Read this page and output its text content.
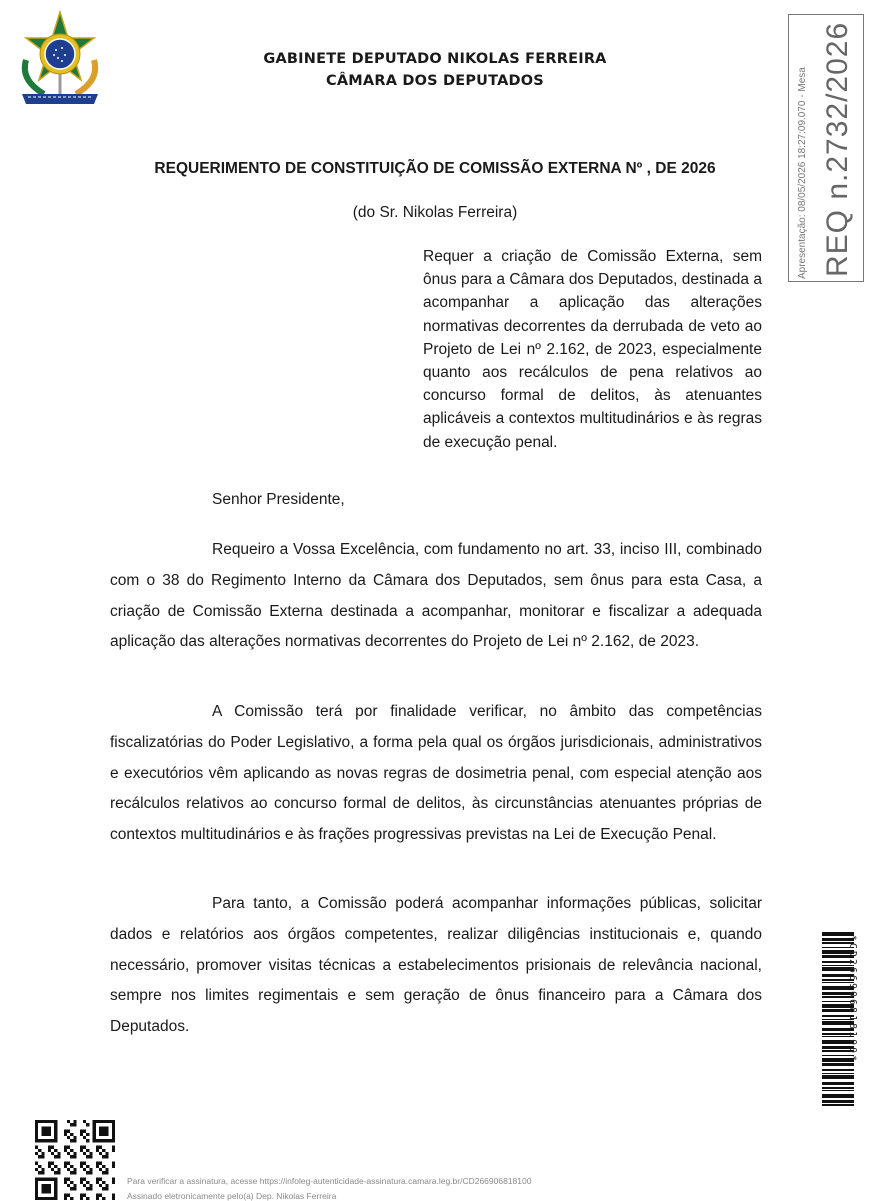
GABINETE DEPUTADO NIKOLAS FERREIRA
CÂMARA DOS DEPUTADOS
REQUERIMENTO DE CONSTITUIÇÃO DE COMISSÃO EXTERNA Nº , DE 2026
(do Sr. Nikolas Ferreira)
Requer a criação de Comissão Externa, sem ônus para a Câmara dos Deputados, destinada a acompanhar a aplicação das alterações normativas decorrentes da derrubada de veto ao Projeto de Lei nº 2.162, de 2023, especialmente quanto aos recálculos de pena relativos ao concurso formal de delitos, às atenuantes aplicáveis a contextos multitudinários e às regras de execução penal.
Senhor Presidente,

Requeiro a Vossa Excelência, com fundamento no art. 33, inciso III, combinado com o 38 do Regimento Interno da Câmara dos Deputados, sem ônus para esta Casa, a criação de Comissão Externa destinada a acompanhar, monitorar e fiscalizar a adequada aplicação das alterações normativas decorrentes do Projeto de Lei nº 2.162, de 2023.

A Comissão terá por finalidade verificar, no âmbito das competências fiscalizatórias do Poder Legislativo, a forma pela qual os órgãos jurisdicionais, administrativos e executórios vêm aplicando as novas regras de dosimetria penal, com especial atenção aos recálculos relativos ao concurso formal de delitos, às circunstâncias atenuantes próprias de contextos multitudinários e às frações progressivas previstas na Lei de Execução Penal.

Para tanto, a Comissão poderá acompanhar informações públicas, solicitar dados e relatórios aos órgãos competentes, realizar diligências institucionais e, quando necessário, promover visitas técnicas a estabelecimentos prisionais de relevância nacional, sempre nos limites regimentais e sem geração de ônus financeiro para a Câmara dos Deputados.

Apresentação: 08/05/2026 18:27:09.070 - Mesa REQ n.2732/2026
*CD266906818100*
Para verificar a assinatura, acesse https://infoleg-autenticidade-assinatura.camara.leg.br/CD266906818100
Assinado eletronicamente pelo(a) Dep. Nikolas Ferreira
